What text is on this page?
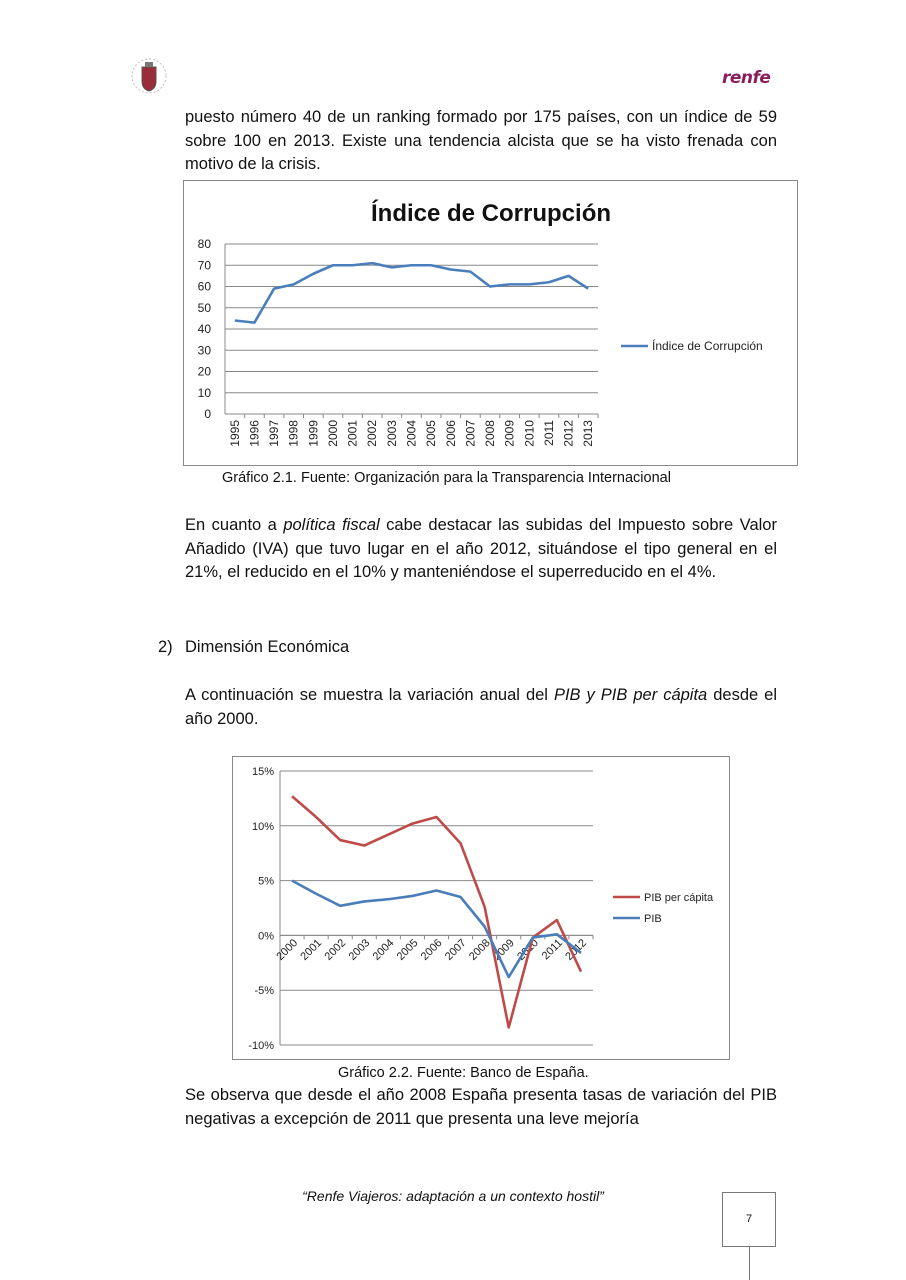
renfe
puesto número 40 de un ranking formado por 175 países, con un índice de 59 sobre 100 en 2013. Existe una tendencia alcista que se ha visto frenada con motivo de la crisis.
Índice de Corrupción
0
10
20
30
40
50
60
70
80
1995 1996 1997 1998 1999 2000 2001 2002 2003 2004 2005 2006 2007 2008 2009 2010 2011 2012 2013
Índice de Corrupción
Gráfico 2.1. Fuente: Organización para la Transparencia Internacional
En cuanto a política fiscal cabe destacar las subidas del Impuesto sobre Valor Añadido (IVA) que tuvo lugar en el año 2012, situándose el tipo general en el 21%, el reducido en el 10% y manteniéndose el superreducido en el 4%.
2) Dimensión Económica
A continuación se muestra la variación anual del PIB y PIB per cápita desde el año 2000.
-10%
-5%
0%
5%
10%
15%
2000
2001
2002
2003
2004
2005
2006
2007
2008
2009
2010
2011
2012
PIB per cápita
PIB
Gráfico 2.2. Fuente: Banco de España.
Se observa que desde el año 2008 España presenta tasas de variación del PIB negativas a excepción de 2011 que presenta una leve mejoría
“Renfe Viajeros: adaptación a un contexto hostil”
7
